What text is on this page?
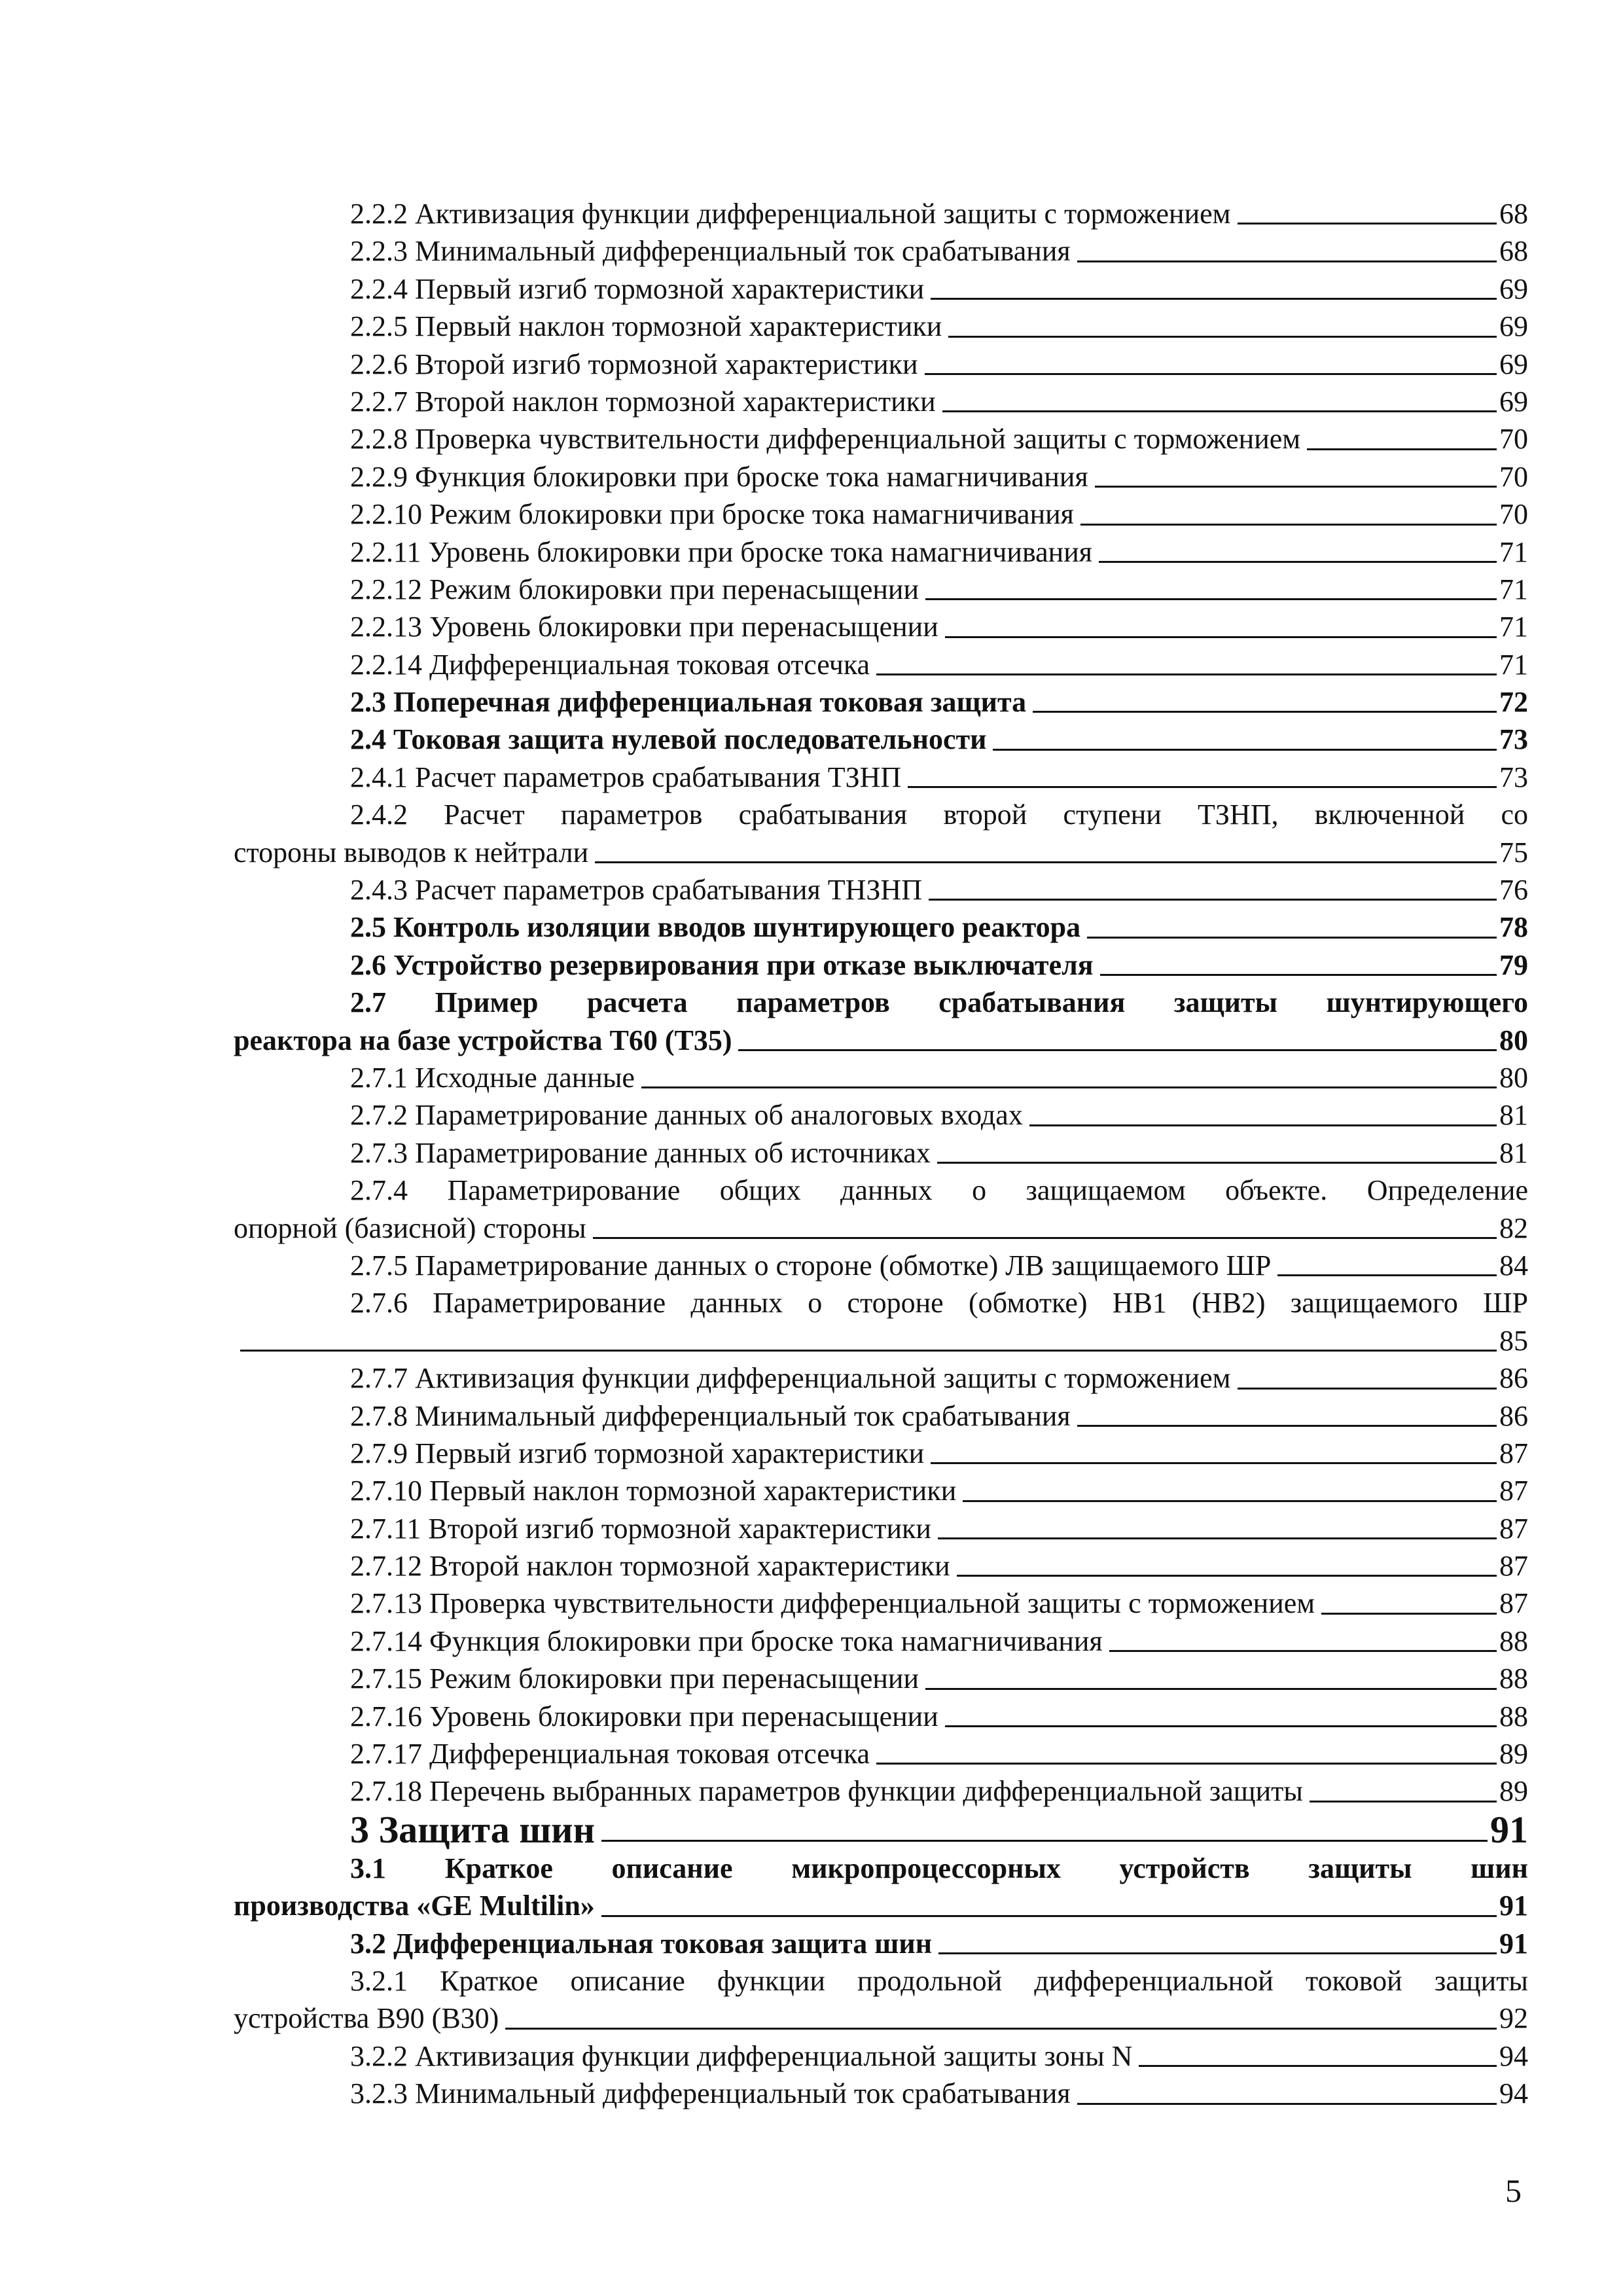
2.2.2 Активизация функции дифференциальной защиты с торможением	68
2.2.3 Минимальный дифференциальный ток срабатывания	68
2.2.4 Первый изгиб тормозной характеристики	69
2.2.5 Первый наклон тормозной характеристики	69
2.2.6 Второй изгиб тормозной характеристики	69
2.2.7 Второй наклон тормозной характеристики	69
2.2.8 Проверка чувствительности дифференциальной защиты с торможением	70
2.2.9 Функция блокировки при броске тока намагничивания	70
2.2.10 Режим блокировки при броске тока намагничивания	70
2.2.11 Уровень блокировки при броске тока намагничивания	71
2.2.12 Режим блокировки при перенасыщении	71
2.2.13 Уровень блокировки при перенасыщении	71
2.2.14 Дифференциальная токовая отсечка	71
2.3 Поперечная дифференциальная токовая защита	72
2.4 Токовая защита нулевой последовательности	73
2.4.1 Расчет параметров срабатывания ТЗНП	73
2.4.2 Расчет параметров срабатывания второй ступени ТЗНП, включенной со
стороны выводов к нейтрали	75
2.4.3 Расчет параметров срабатывания ТНЗНП	76
2.5 Контроль изоляции вводов шунтирующего реактора	78
2.6 Устройство резервирования при отказе выключателя	79
2.7 Пример расчета параметров срабатывания защиты шунтирующего
реактора на базе устройства T60 (T35)	80
2.7.1 Исходные данные	80
2.7.2 Параметрирование данных об аналоговых входах	81
2.7.3 Параметрирование данных об источниках	81
2.7.4 Параметрирование общих данных о защищаемом объекте. Определение
опорной (базисной) стороны	82
2.7.5 Параметрирование данных о стороне (обмотке) ЛВ защищаемого ШР	84
2.7.6 Параметрирование данных о стороне (обмотке) НВ1 (НВ2) защищаемого ШР
85
2.7.7 Активизация функции дифференциальной защиты с торможением	86
2.7.8 Минимальный дифференциальный ток срабатывания	86
2.7.9 Первый изгиб тормозной характеристики	87
2.7.10 Первый наклон тормозной характеристики	87
2.7.11 Второй изгиб тормозной характеристики	87
2.7.12 Второй наклон тормозной характеристики	87
2.7.13 Проверка чувствительности дифференциальной защиты с торможением	87
2.7.14 Функция блокировки при броске тока намагничивания	88
2.7.15 Режим блокировки при перенасыщении	88
2.7.16 Уровень блокировки при перенасыщении	88
2.7.17 Дифференциальная токовая отсечка	89
2.7.18 Перечень выбранных параметров функции дифференциальной защиты	89
3 Защита шин	91
3.1 Краткое описание микропроцессорных устройств защиты шин
производства «GE Multilin»	91
3.2 Дифференциальная токовая защита шин	91
3.2.1 Краткое описание функции продольной дифференциальной токовой защиты
устройства B90 (B30)	92
3.2.2 Активизация функции дифференциальной защиты зоны N	94
3.2.3 Минимальный дифференциальный ток срабатывания	94
5
